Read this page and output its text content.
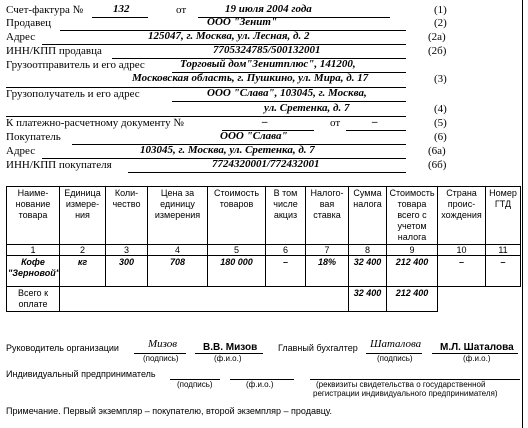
Счет-фактура №	132	от	19 июля 2004 года	(1)
Продавец	ООО "Зенит"	(2)
Адрес	125047, г. Москва, ул. Лесная, д. 2	(2а)
ИНН/КПП продавца	7705324785/500132001	(2б)
Грузоотправитель и его адрес	Торговый дом"Зенитплюс", 141200,
Московская область, г. Пушкино, ул. Мира, д. 17	(3)
Грузополучатель и его адрес	ООО "Слава", 103045, г. Москва,
ул. Сретенка, д. 7	(4)
К платежно-расчетному документу №	–	от	–	(5)
Покупатель	ООО "Слава"	(6)
Адрес	103045, г. Москва, ул. Сретенка, д. 7	(6а)
ИНН/КПП покупателя	7724320001/772432001	(6б)
Наиме-нование товара	Единица измере-ния	Коли-чество	Цена за единицу измерения	Стоимость товаров	В том числе акциз	Налого-вая ставка	Сумма налога	Стоимость товара всего с учетом налога	Страна проис-хождения	Номер ГТД
1	2	3	4	5	6	7	8	9	10	11
Кофе "Зерновой"	кг	300	708	180 000	–	18%	32 400	212 400	–	–
Всего к оплате							32 400	212 400		
Руководитель организации	Мизов
(подпись)
В.В. Мизов
(ф.и.о.)
Главный бухгалтер Шаталова
(подпись)
М.Л. Шаталова
(ф.и.о.)
Индивидуальный предприниматель
(подпись)	(ф.и.о.)	(реквизиты свидетельства о государственной
регистрации индивидуального предпринимателя)
Примечание. Первый экземпляр – покупателю, второй экземпляр – продавцу.
